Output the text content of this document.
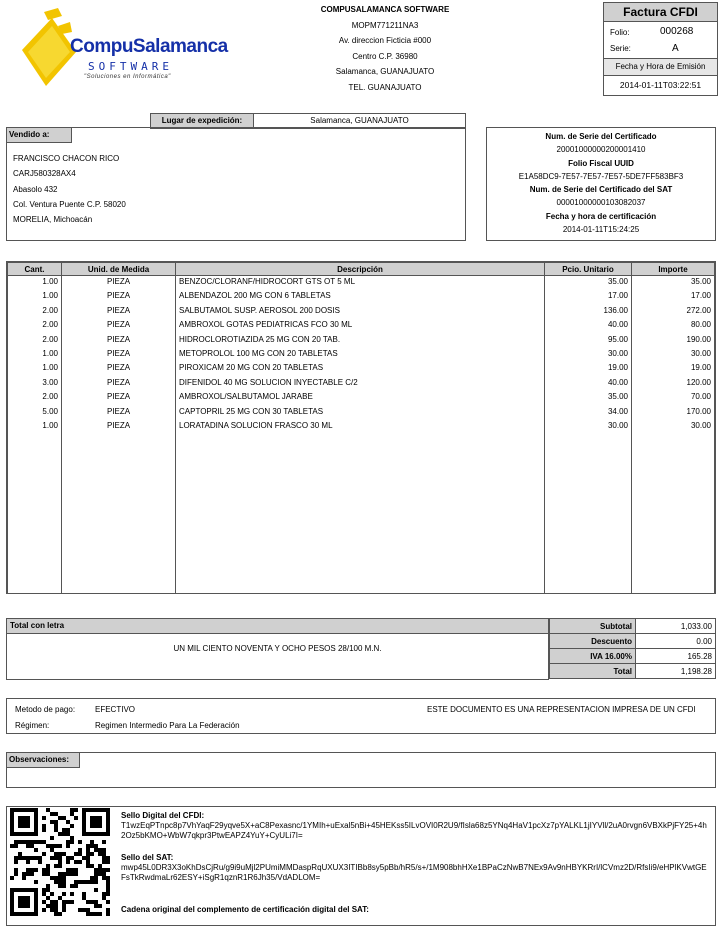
CompuSalamanca
SOFTWARE
"Soluciones en Informática"
COMPUSALAMANCA SOFTWARE
MOPM771211NA3
Av. direccion Ficticia #000
Centro C.P. 36980
Salamanca, GUANAJUATO
TEL. GUANAJUATO
Factura CFDI
Folio:	000268
Serie:	A
Fecha y Hora de Emisión
2014-01-11T03:22:51
Lugar de expedición:	Salamanca, GUANAJUATO
Vendido a:
FRANCISCO CHACON RICO
CARJ580328AX4
Abasolo 432
Col. Ventura Puente C.P. 58020
MORELIA, Michoacán
Num. de Serie del Certificado
20001000000200001410
Folio Fiscal UUID
E1A58DC9-7E57-7E57-7E57-5DE7FF583BF3
Num. de Serie del Certificado del SAT
00001000000103082037
Fecha y hora de certificación
2014-01-11T15:24:25
Cant.	Unid. de Medida	Descripción	Pcio. Unitario	Importe
1.00	PIEZA	BENZOC/CLORANF/HIDROCORT GTS OT 5 ML	35.00	35.00
1.00	PIEZA	ALBENDAZOL 200 MG CON 6 TABLETAS	17.00	17.00
2.00	PIEZA	SALBUTAMOL SUSP. AEROSOL 200 DOSIS	136.00	272.00
2.00	PIEZA	AMBROXOL GOTAS PEDIATRICAS FCO 30 ML	40.00	80.00
2.00	PIEZA	HIDROCLOROTIAZIDA 25 MG CON 20 TAB.	95.00	190.00
1.00	PIEZA	METOPROLOL 100 MG CON 20 TABLETAS	30.00	30.00
1.00	PIEZA	PIROXICAM 20 MG CON 20 TABLETAS	19.00	19.00
3.00	PIEZA	DIFENIDOL 40 MG SOLUCION INYECTABLE C/2	40.00	120.00
2.00	PIEZA	AMBROXOL/SALBUTAMOL JARABE	35.00	70.00
5.00	PIEZA	CAPTOPRIL 25 MG CON 30 TABLETAS	34.00	170.00
1.00	PIEZA	LORATADINA SOLUCION FRASCO 30 ML	30.00	30.00

Total con letra
UN MIL CIENTO NOVENTA Y OCHO PESOS 28/100 M.N.
Subtotal	1,033.00
Descuento	0.00
IVA 16.00%	165.28
Total	1,198.28
Metodo de pago: EFECTIVO
Régimen:	Regimen Intermedio Para La Federación
ESTE DOCUMENTO ES UNA REPRESENTACION IMPRESA DE UN CFDI
Observaciones:
Sello Digital del CFDI:
T1wzEqPTnpc8p7VhYaqF29yqve5X+aC8Pexasnc/1YMIh+uExal5nBi+45HEKss5ILvOVI0R2U9/fIsla68z5YNq4HaV1pcXz7pYALKL1jIYVll/2uA0rvgn6VBXkPjFY25+4h2Oz5bKMO+WbW7qkpr3PtwEAPZ4YuY+CyULi7I=
Sello del SAT:
mwp45L0DR3X3oKhDsCjRu/g9i9uMjl2PUmiMMDaspRqUXUX3ITIBb8sy5pBb/hR5/s+/1M908bhHXe1BPaCzNwB7NEx9Av9nHBYKRrI/lCVmz2D/RfsIi9/eHPlKVwtGEFsTkRwdmaLr62ESY+iSgR1qznR1R6Jh35/VdADLOM=
Cadena original del complemento de certificación digital del SAT:
